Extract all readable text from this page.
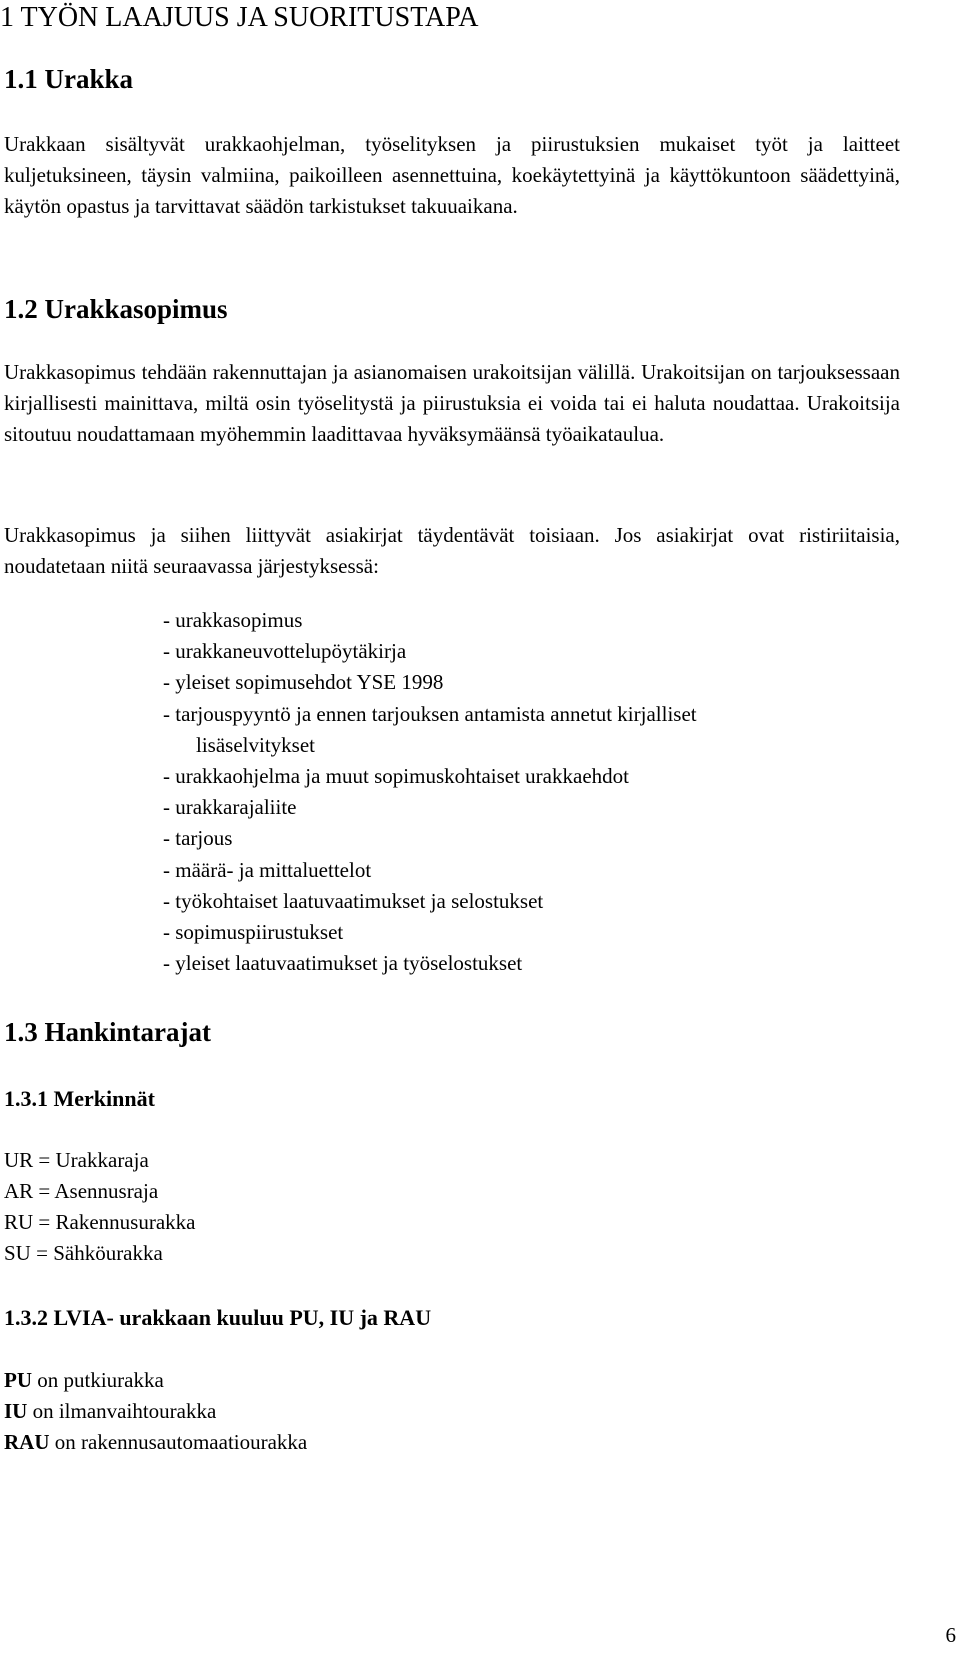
1 TYÖN LAAJUUS JA SUORITUSTAPA
1.1 Urakka

Urakkaan sisältyvät urakkaohjelman, työselityksen ja piirustuksien mukaiset työt ja laitteet kuljetuksineen, täysin valmiina, paikoilleen asennettuina, koekäytettyinä ja käyttökuntoon säädettyinä, käytön opastus ja tarvittavat säädön tarkistukset takuuaikana.

1.2 Urakkasopimus

Urakkasopimus tehdään rakennuttajan ja asianomaisen urakoitsijan välillä. Urakoitsijan on tarjouksessaan kirjallisesti mainittava, miltä osin työselitystä ja piirustuksia ei voida tai ei haluta noudattaa. Urakoitsija sitoutuu noudattamaan myöhemmin laadittavaa hyväksymäänsä työaikataulua.

Urakkasopimus ja siihen liittyvät asiakirjat täydentävät toisiaan. Jos asiakirjat ovat ristiriitaisia, noudatetaan niitä seuraavassa järjestyksessä:

- urakkasopimus
- urakkaneuvottelupöytäkirja
- yleiset sopimusehdot YSE 1998
- tarjouspyyntö ja ennen tarjouksen antamista annetut kirjalliset
lisäselvitykset
- urakkaohjelma ja muut sopimuskohtaiset urakkaehdot
- urakkarajaliite
- tarjous
- määrä- ja mittaluettelot
- työkohtaiset laatuvaatimukset ja selostukset
- sopimuspiirustukset
- yleiset laatuvaatimukset ja työselostukset
1.3 Hankintarajat
1.3.1 Merkinnät
UR = Urakkaraja
AR = Asennusraja
RU = Rakennusurakka
SU = Sähköurakka
1.3.2 LVIA- urakkaan kuuluu PU, IU ja RAU
PU on putkiurakka
IU on ilmanvaihtourakka
RAU on rakennusautomaatiourakka
6
